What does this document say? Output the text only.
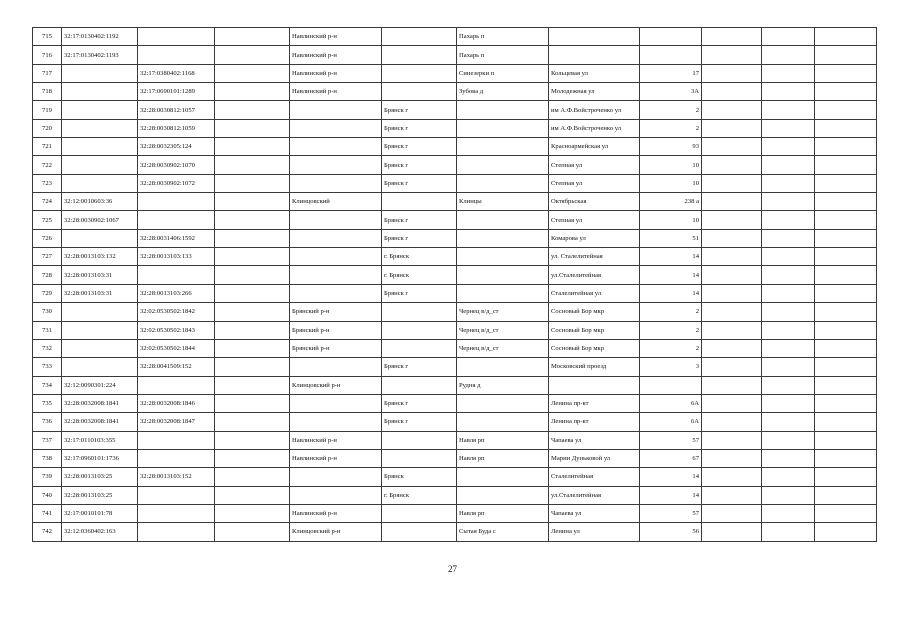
715	32:17:0130402:1192			Навлинский р-н		Пахарь п					
716	32:17:0130402:1193			Навлинский р-н		Пахарь п					
717		32:17:0380402:1168		Навлинский р-н		Синезерки п	Кольцевая ул	17			
718		32:17:0690101:1289		Навлинский р-н		Зубова д	Молодежная ул	3А			
719		32:28:0030812:1057			Брянск г		им А.Ф.Войстроченко ул	2			
720		32:28:0030812:1059			Брянск г		им А.Ф.Войстроченко ул	2			
721		32:28:0032305:124			Брянск г		Красноармейская ул	93			
722		32:28:0030902:1070			Брянск г		Степная ул	10			
723		32:28:0030902:1072			Брянск г		Степная ул	10			
724	32:12:0010603:36			Клинцовский		Клинцы	Октябрьская	238 а			
725	32:28:0030902:1067				Брянск г		Степная ул	10			
726		32:28:0031406:1592			Брянск г		Комарова ул	51			
727	32:28:0013103:132	32:28:0013103:133			г. Брянск		ул. Сталелитейная	14			
728	32:28:0013103:31				г. Брянск		ул.Сталелитейная	14			
729	32:28:0013103:31	32:28:0013103:266			Брянск г		Сталелитейная ул	14			
730		32:02:0530502:1842		Брянский р-н		Чернец в/д_ст	Сосновый Бор мкр	2			
731		32:02:0530502:1843		Брянский р-н		Чернец в/д_ст	Сосновый Бор мкр	2			
732		32:02:0530502:1844		Брянский р-н		Чернец в/д_ст	Сосновый Бор мкр	2			
733		32:28:0041509:152			Брянск г		Московский проезд	3			
734	32:12:0090301:224			Клинцовский р-н		Рудня д					
735	32:28:0032008:1841	32:28:0032008:1846			Брянск г		Ленина пр-кт	6А			
736	32:28:0032008:1841	32:28:0032008:1847			Брянск г		Ленина пр-кт	6А			
737	32:17:0110103:355			Навлинский р-н		Навля рп	Чапаева ул	57			
738	32:17:0960101:1736			Навлинский р-н		Навля рп	Марии Дуньковой ул	67			
739	32:28:0013103:25	32:28:0013103:152			Брянск		Сталелитейная	14			
740	32:28:0013103:25				г. Брянск		ул.Сталелитейная	14			
741	32:17:0010101:78			Навлинский р-н		Навля рп	Чапаева ул	57			
742	32:12:0360402:163			Клинцовский р-н		Сытая Буда с	Ленина ул	56			
27
